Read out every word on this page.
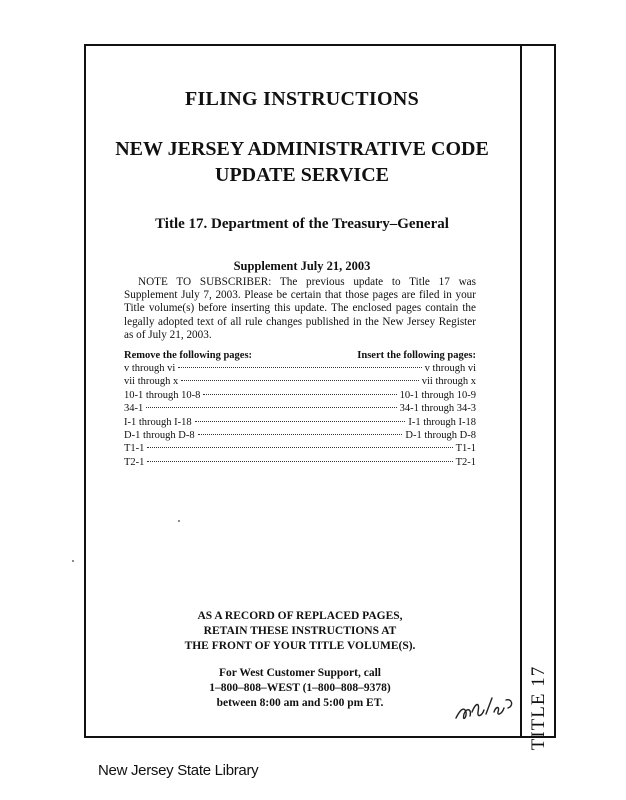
TITLE 17
FILING INSTRUCTIONS
NEW JERSEY ADMINISTRATIVE CODE
UPDATE SERVICE
Title 17. Department of the Treasury–General
Supplement July 21, 2003
NOTE TO SUBSCRIBER: The previous update to Title 17 was Supplement July 7, 2003. Please be certain that those pages are filed in your Title volume(s) before inserting this update. The enclosed pages contain the legally adopted text of all rule changes published in the New Jersey Register as of July 21, 2003.
Remove the following pages:	Insert the following pages:
v through vi	v through vi
vii through x	vii through x
10-1 through 10-8	10-1 through 10-9
34-1	34-1 through 34-3
I-1 through I-18	I-1 through I-18
D-1 through D-8	D-1 through D-8
T1-1	T1-1
T2-1	T2-1
AS A RECORD OF REPLACED PAGES,
RETAIN THESE INSTRUCTIONS AT
THE FRONT OF YOUR TITLE VOLUME(S).
For West Customer Support, call
1–800–808–WEST (1–800–808–9378)
between 8:00 am and 5:00 pm ET.
New Jersey State Library
